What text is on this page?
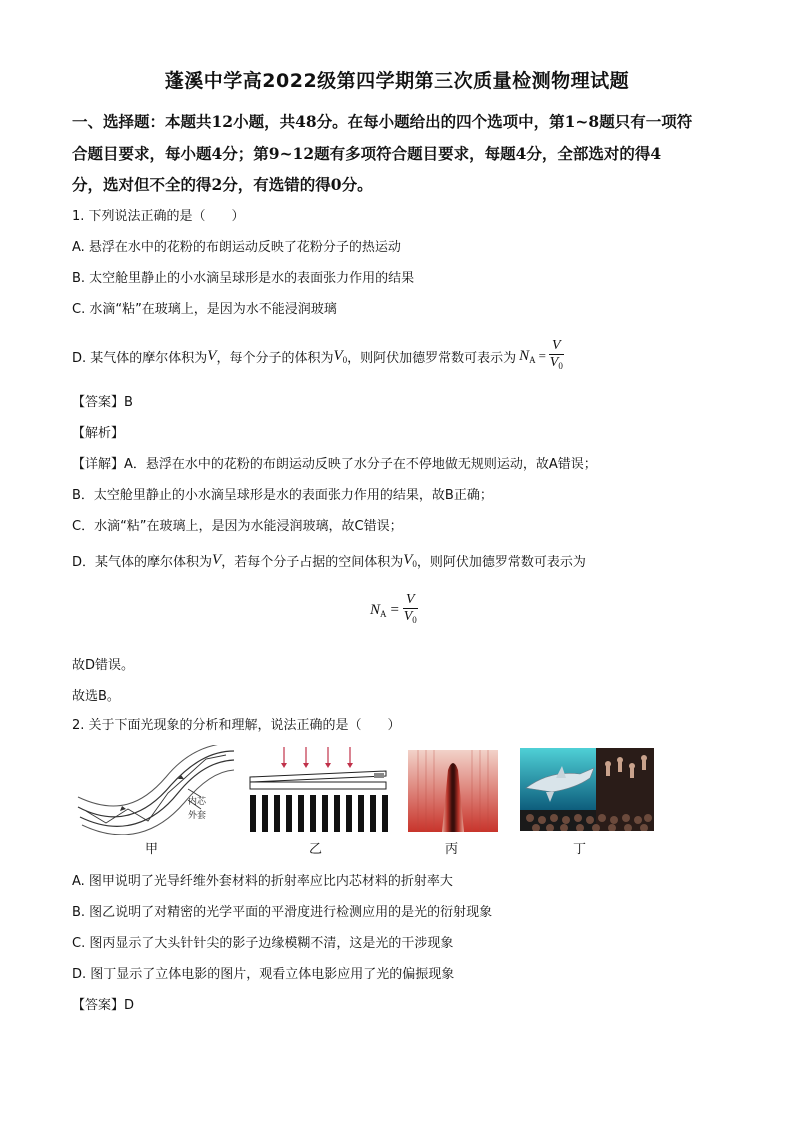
蓬溪中学高2022级第四学期第三次质量检测物理试题
一、选择题：本题共12小题，共48分。在每小题给出的四个选项中，第1~8题只有一项符
合题目要求，每小题4分；第9~12题有多项符合题目要求，每题4分，全部选对的得4
分，选对但不全的得2分，有选错的得0分。
1. 下列说法正确的是（　　）
A. 悬浮在水中的花粉的布朗运动反映了花粉分子的热运动
B. 太空舱里静止的小水滴呈球形是水的表面张力作用的结果
C. 水滴“粘”在玻璃上，是因为水不能浸润玻璃
D. 某气体的摩尔体积为 V ，每个分子的体积为 $V_0$ ，则阿伏加德罗常数可表示为 $N_A = \frac{V}{V_0}$
【答案】B
【解析】
【详解】A．悬浮在水中的花粉的布朗运动反映了水分子在不停地做无规则运动，故A错误；
B．太空舱里静止的小水滴呈球形是水的表面张力作用的结果，故B正确；
C．水滴“粘”在玻璃上，是因为水能浸润玻璃，故C错误；
D．某气体的摩尔体积为 V ，若每个分子占据的空间体积为 $V_0$ ，则阿伏加德罗常数可表示为
$N_A = \frac{V}{V_0}$
故D错误。
故选B。
2. 关于下面光现象的分析和理解，说法正确的是（　　）
内芯
外套
甲	乙	丙	丁
A. 图甲说明了光导纤维外套材料的折射率应比内芯材料的折射率大
B. 图乙说明了对精密的光学平面的平滑度进行检测应用的是光的衍射现象
C. 图丙显示了大头针针尖的影子边缘模糊不清，这是光的干涉现象
D. 图丁显示了立体电影的图片，观看立体电影应用了光的偏振现象
【答案】D
